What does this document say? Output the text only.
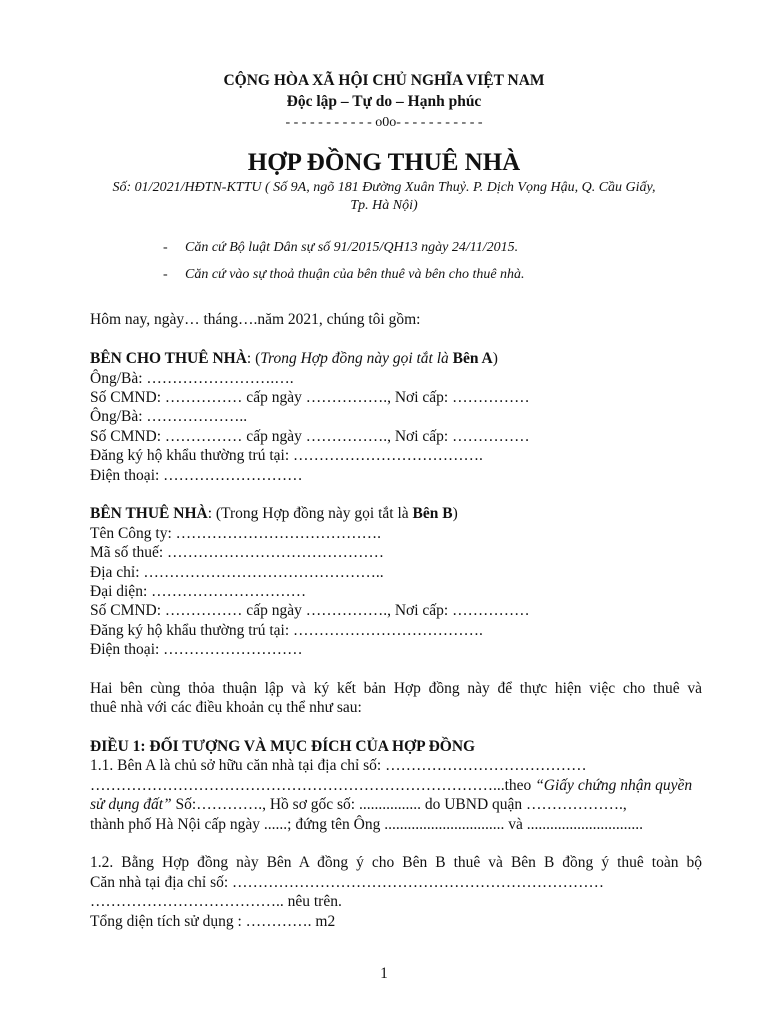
CỘNG HÒA XÃ HỘI CHỦ NGHĨA VIỆT NAM
Độc lập – Tự do – Hạnh phúc
- - - - - - - - - - - o0o- - - - - - - - - - -
HỢP ĐỒNG THUÊ NHÀ
Số: 01/2021/HĐTN-KTTU ( Số 9A, ngõ 181 Đường Xuân Thuỷ. P. Dịch Vọng Hậu, Q. Cầu Giấy,
Tp. Hà Nội)
- Căn cứ Bộ luật Dân sự số 91/2015/QH13 ngày 24/11/2015.
- Căn cứ vào sự thoả thuận của bên thuê và bên cho thuê nhà.
Hôm nay, ngày… tháng….năm 2021, chúng tôi gồm:
BÊN CHO THUÊ NHÀ: (Trong Hợp đồng này gọi tắt là Bên A)
Ông/Bà: …………………….….
Số CMND: …………… cấp ngày ……………., Nơi cấp: ……………
Ông/Bà: ………………..
Số CMND: …………… cấp ngày ……………., Nơi cấp: ……………
Đăng ký hộ khẩu thường trú tại: ……………………………….
Điện thoại: ………………………
BÊN THUÊ NHÀ: (Trong Hợp đồng này gọi tắt là Bên B)
Tên Công ty: ………………………………….
Mã số thuế: ……………………………………
Địa chỉ: ………………………………………..
Đại diện: …………………………
Số CMND: …………… cấp ngày ……………., Nơi cấp: ……………
Đăng ký hộ khẩu thường trú tại: ……………………………….
Điện thoại: ………………………
Hai bên cùng thỏa thuận lập và ký kết bản Hợp đồng này để thực hiện việc cho thuê và
thuê nhà với các điều khoản cụ thể như sau:
ĐIỀU 1: ĐỐI TƯỢNG VÀ MỤC ĐÍCH CỦA HỢP ĐỒNG
1.1. Bên A là chủ sở hữu căn nhà tại địa chỉ số: …………………………………
……………………………………………………………………...theo “Giấy chứng nhận quyền
sử dụng đất” Số:…………., Hồ sơ gốc số: ................ do UBND quận ……………….,
thành phố Hà Nội cấp ngày ......; đứng tên Ông ............................... và ..............................
1.2. Bằng Hợp đồng này Bên A đồng ý cho Bên B thuê và Bên B đồng ý thuê toàn bộ
Căn nhà tại địa chỉ số: ………………………………………………………………
……………………………….. nêu trên.
Tổng diện tích sử dụng : …………. m2
1
